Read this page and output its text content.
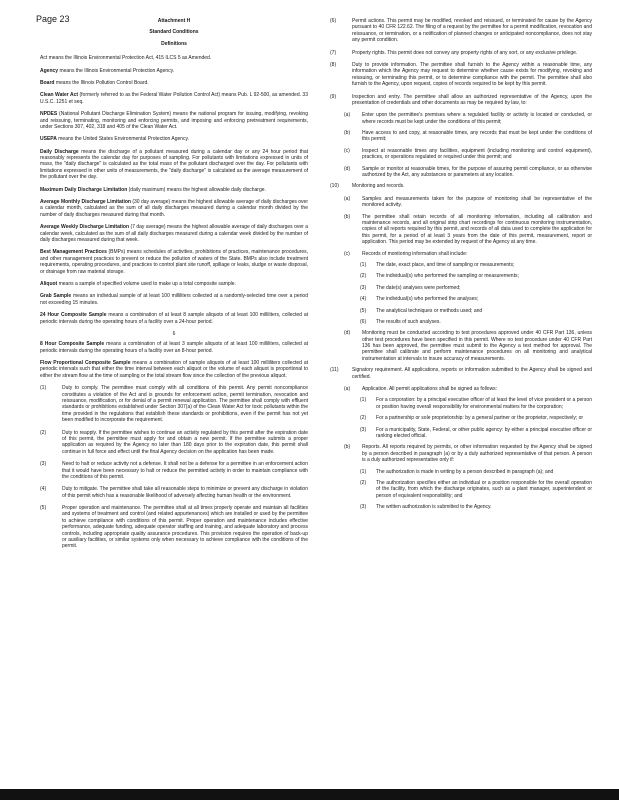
Page 23	Attachment H
Standard Conditions
Definitions
Act means the Illinois Environmental Protection Act, 415 ILCS 5 as Amended.
Agency means the Illinois Environmental Protection Agency.
Board means the Illinois Pollution Control Board.
Clean Water Act (formerly referred to as the Federal Water Pollution Control Act) means Pub. L 92-500, as amended. 33 U.S.C. 1251 et seq.
NPDES (National Pollutant Discharge Elimination System) means the national program for issuing, modifying, revoking and reissuing, terminating, monitoring and enforcing permits, and imposing and enforcing pretreatment requirements, under Sections 307, 402, 318 and 405 of the Clean Water Act.
USEPA means the United States Environmental Protection Agency.
Daily Discharge means the discharge of a pollutant measured during a calendar day or any 24 hour period that reasonably represents the calendar day for purposes of sampling. For pollutants with limitations expressed in units of mass, the "daily discharge" is calculated as the total mass of the pollutant discharged over the day. For pollutants with limitations expressed in other units of measurements, the "daily discharge" is calculated as the average measurement of the pollutant over the day.
Maximum Daily Discharge Limitation (daily maximum) means the highest allowable daily discharge.
Average Monthly Discharge Limitation (30 day average) means the highest allowable average of daily discharges over a calendar month, calculated as the sum of all daily discharges measured during a calendar month divided by the number of daily discharges measured during that month.
Average Weekly Discharge Limitation (7 day average) means the highest allowable average of daily discharges over a calendar week, calculated as the sum of all daily discharges measured during a calendar week divided by the number of daily discharges measured during that week.
Best Management Practices (BMPs) means schedules of activities, prohibitions of practices, maintenance procedures, and other management practices to prevent or reduce the pollution of waters of the State. BMPs also include treatment requirements, operating procedures, and practices to control plant site runoff, spillage or leaks, sludge or waste disposal, or drainage from raw material storage.
Aliquot means a sample of specified volume used to make up a total composite sample.
Grab Sample means an individual sample of at least 100 milliliters collected at a randomly-selected time over a period not exceeding 15 minutes.
24 Hour Composite Sample means a combination of at least 8 sample aliquots of at least 100 milliliters, collected at periodic intervals during the operating hours of a facility over a 24-hour period.
6
8 Hour Composite Sample means a combination of at least 3 sample aliquots of at least 100 milliliters, collected at periodic intervals during the operating hours of a facility over an 8-hour period.
Flow Proportional Composite Sample means a combination of sample aliquots of at least 100 milliliters collected at periodic intervals such that either the time interval between each aliquot or the volume of each aliquot is proportional to either the stream flow at the time of sampling or the total stream flow since the collection of the previous aliquot.
(1)	Duty to comply. The permittee must comply with all conditions of this permit. Any permit noncompliance constitutes a violation of the Act and is grounds for enforcement action, permit termination, revocation and reissuance, modification, or for denial of a permit renewal application. The permittee shall comply with effluent standards or prohibitions established under Section 307(a) of the Clean Water Act for toxic pollutants within the time provided in the regulations that establish these standards or prohibitions, even if the permit has not yet been modified to incorporate the requirement.
(2)	Duty to reapply. If the permittee wishes to continue an activity regulated by this permit after the expiration date of this permit, the permittee must apply for and obtain a new permit. If the permittee submits a proper application as required by the Agency no later than 180 days prior to the expiration date, this permit shall continue in full force and effect until the final Agency decision on the application has been made.
(3)	Need to halt or reduce activity not a defense. It shall not be a defense for a permittee in an enforcement action that it would have been necessary to halt or reduce the permitted activity in order to maintain compliance with the conditions of this permit.
(4)	Duty to mitigate. The permittee shall take all reasonable steps to minimize or prevent any discharge in violation of this permit which has a reasonable likelihood of adversely affecting human health or the environment.
(5)	Proper operation and maintenance. The permittee shall at all times properly operate and maintain all facilities and systems of treatment and control (and related appurtenances) which are installed or used by the permittee to achieve compliance with conditions of this permit. Proper operation and maintenance includes effective performance, adequate funding, adequate operator staffing and training, and adequate laboratory and process controls, including appropriate quality assurance procedures. This provision requires the operation of back-up or auxiliary facilities, or similar systems only when necessary to achieve compliance with the conditions of the permit.
(6)	Permit actions. This permit may be modified, revoked and reissued, or terminated for cause by the Agency pursuant to 40 CFR 122.62. The filing of a request by the permittee for a permit modification, revocation and reissuance, or termination, or a notification of planned changes or anticipated noncompliance, does not stay any permit condition.
(7)	Property rights. This permit does not convey any property rights of any sort, or any exclusive privilege.
(8)	Duty to provide information. The permittee shall furnish to the Agency within a reasonable time, any information which the Agency may request to determine whether cause exists for modifying, revoking and reissuing, or terminating this permit, or to determine compliance with the permit. The permittee shall also furnish to the Agency, upon request, copies of records required to be kept by this permit.
(9)	Inspection and entry. The permittee shall allow an authorized representative of the Agency, upon the presentation of credentials and other documents as may be required by law, to:
(a)	Enter upon the permittee's premises where a regulated facility or activity is located or conducted, or where records must be kept under the conditions of this permit;
(b)	Have access to and copy, at reasonable times, any records that must be kept under the conditions of this permit;
(c)	Inspect at reasonable times any facilities, equipment (including monitoring and control equipment), practices, or operations regulated or required under this permit; and
(d)	Sample or monitor at reasonable times, for the purpose of assuring permit compliance, or as otherwise authorized by the Act, any substances or parameters at any location.
(10)	Monitoring and records.
(a)	Samples and measurements taken for the purpose of monitoring shall be representative of the monitored activity.
(b)	The permittee shall retain records of all monitoring information, including all calibration and maintenance records, and all original strip chart recordings for continuous monitoring instrumentation, copies of all reports required by this permit, and records of all data used to complete the application for this permit, for a period of at least 3 years from the date of this permit, measurement, report or application. This period may be extended by request of the Agency at any time.
(c)	Records of monitoring information shall include:
(1)	The date, exact place, and time of sampling or measurements;
(2)	The individual(s) who performed the sampling or measurements;
(3)	The date(s) analyses were performed;
(4)	The individual(s) who performed the analyses;
(5)	The analytical techniques or methods used; and
(6)	The results of such analyses.
(d)	Monitoring must be conducted according to test procedures approved under 40 CFR Part 136, unless other test procedures have been specified in this permit. Where no test procedure under 40 CFR Part 136 has been approved, the permittee must submit to the Agency a test method for approval. The permittee shall calibrate and perform maintenance procedures on all monitoring and analytical instrumentation at intervals to insure accuracy of measurements.
(11)	Signatory requirement. All applications, reports or information submitted to the Agency shall be signed and certified.
(a)	Application. All permit applications shall be signed as follows:
(1)	For a corporation: by a principal executive officer of at least the level of vice president or a person or position having overall responsibility for environmental matters for the corporation;
(2)	For a partnership or sole proprietorship: by a general partner or the proprietor, respectively; or
(3)	For a municipality, State, Federal, or other public agency: by either a principal executive officer or ranking elected official.
(b)	Reports. All reports required by permits, or other information requested by the Agency shall be signed by a person described in paragraph (a) or by a duly authorized representative of that person. A person is a duly authorized representative only if:
(1)	The authorization is made in writing by a person described in paragraph (a); and
(2)	The authorization specifies either an individual or a position responsible for the overall operation of the facility, from which the discharge originates, such as a plant manager, superintendent or person of equivalent responsibility; and
(3)	The written authorization is submitted to the Agency.
